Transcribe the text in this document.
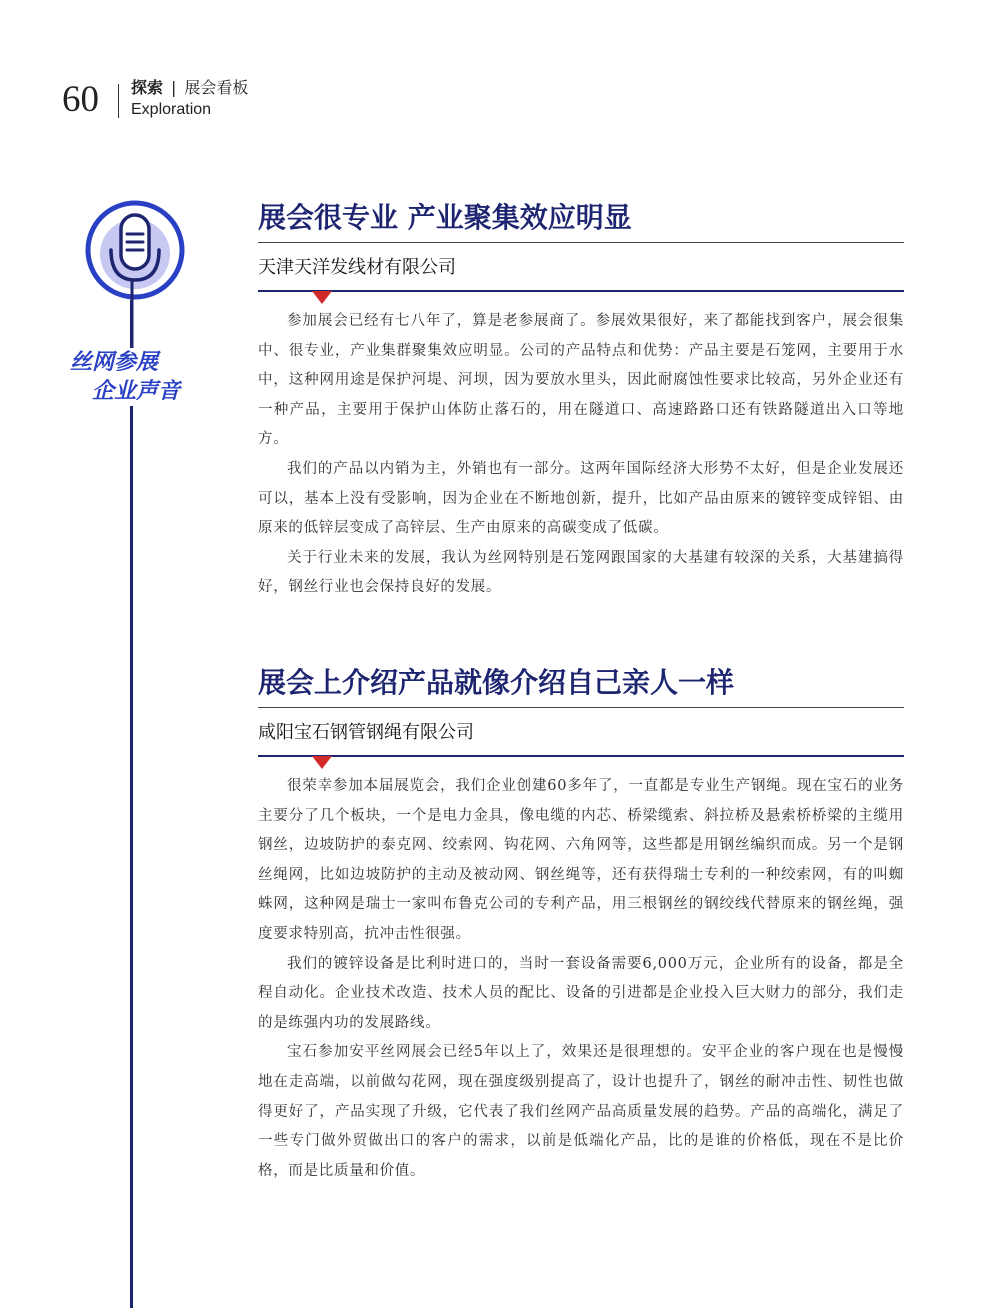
60 探索 | 展会看板
Exploration
丝网参展
企业声音
展会很专业 产业聚集效应明显
天津天洋发线材有限公司

参加展会已经有七八年了，算是老参展商了。参展效果很好，来了都能找到客户，展会很集中、很专业，产业集群聚集效应明显。公司的产品特点和优势：产品主要是石笼网，主要用于水中，这种网用途是保护河堤、河坝，因为要放水里头，因此耐腐蚀性要求比较高，另外企业还有一种产品，主要用于保护山体防止落石的，用在隧道口、高速路路口还有铁路隧道出入口等地方。

我们的产品以内销为主，外销也有一部分。这两年国际经济大形势不太好，但是企业发展还可以，基本上没有受影响，因为企业在不断地创新，提升，比如产品由原来的镀锌变成锌铝、由原来的低锌层变成了高锌层、生产由原来的高碳变成了低碳。

关于行业未来的发展，我认为丝网特别是石笼网跟国家的大基建有较深的关系，大基建搞得好，钢丝行业也会保持良好的发展。

展会上介绍产品就像介绍自己亲人一样
咸阳宝石钢管钢绳有限公司

很荣幸参加本届展览会，我们企业创建60多年了，一直都是专业生产钢绳。现在宝石的业务主要分了几个板块，一个是电力金具，像电缆的内芯、桥梁缆索、斜拉桥及悬索桥桥梁的主缆用钢丝，边坡防护的泰克网、绞索网、钩花网、六角网等，这些都是用钢丝编织而成。另一个是钢丝绳网，比如边坡防护的主动及被动网、钢丝绳等，还有获得瑞士专利的一种绞索网，有的叫蜘蛛网，这种网是瑞士一家叫布鲁克公司的专利产品，用三根钢丝的钢绞线代替原来的钢丝绳，强度要求特别高，抗冲击性很强。

我们的镀锌设备是比利时进口的，当时一套设备需要6,000万元，企业所有的设备，都是全程自动化。企业技术改造、技术人员的配比、设备的引进都是企业投入巨大财力的部分，我们走的是练强内功的发展路线。

宝石参加安平丝网展会已经5年以上了，效果还是很理想的。安平企业的客户现在也是慢慢地在走高端，以前做勾花网，现在强度级别提高了，设计也提升了，钢丝的耐冲击性、韧性也做得更好了，产品实现了升级，它代表了我们丝网产品高质量发展的趋势。产品的高端化，满足了一些专门做外贸做出口的客户的需求，以前是低端化产品，比的是谁的价格低，现在不是比价格，而是比质量和价值。
